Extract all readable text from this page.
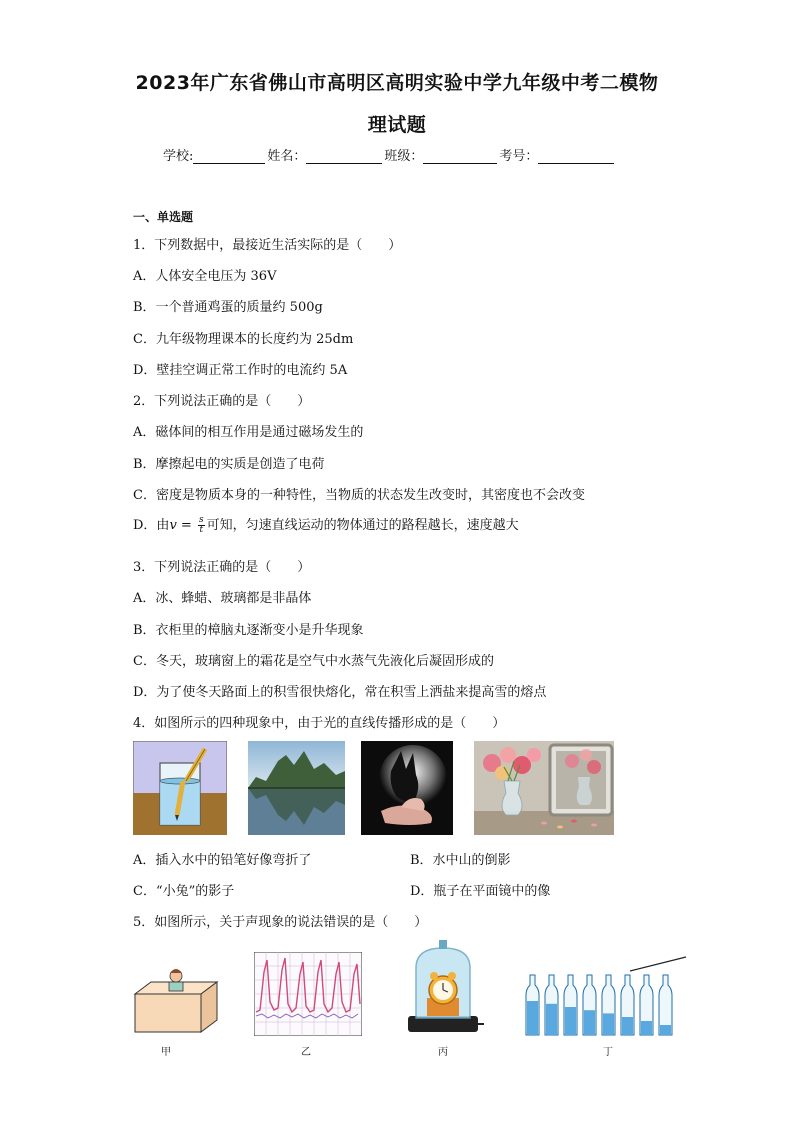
2023年广东省佛山市高明区高明实验中学九年级中考二模物
理试题
学校:	姓名：	班级：	考号：
一、单选题
1．下列数据中，最接近生活实际的是（　　）
A．人体安全电压为 36V
B．一个普通鸡蛋的质量约 500g
C．九年级物理课本的长度约为 25dm
D．壁挂空调正常工作时的电流约 5A
2．下列说法正确的是（　　）
A．磁体间的相互作用是通过磁场发生的
B．摩擦起电的实质是创造了电荷
C．密度是物质本身的一种特性，当物质的状态发生改变时，其密度也不会改变
D．由$v = \frac{s}{t}$ 可知，匀速直线运动的物体通过的路程越长，速度越大
3．下列说法正确的是（　　）
A．冰、蜂蜡、玻璃都是非晶体
B．衣柜里的樟脑丸逐渐变小是升华现象
C．冬天，玻璃窗上的霜花是空气中水蒸气先液化后凝固形成的
D．为了使冬天路面上的积雪很快熔化，常在积雪上洒盐来提高雪的熔点
4．如图所示的四种现象中，由于光的直线传播形成的是（　　）
A．插入水中的铅笔好像弯折了	B．水中山的倒影
C．“小兔”的影子	D．瓶子在平面镜中的像
5．如图所示，关于声现象的说法错误的是（　　）
甲	乙	丙	丁
